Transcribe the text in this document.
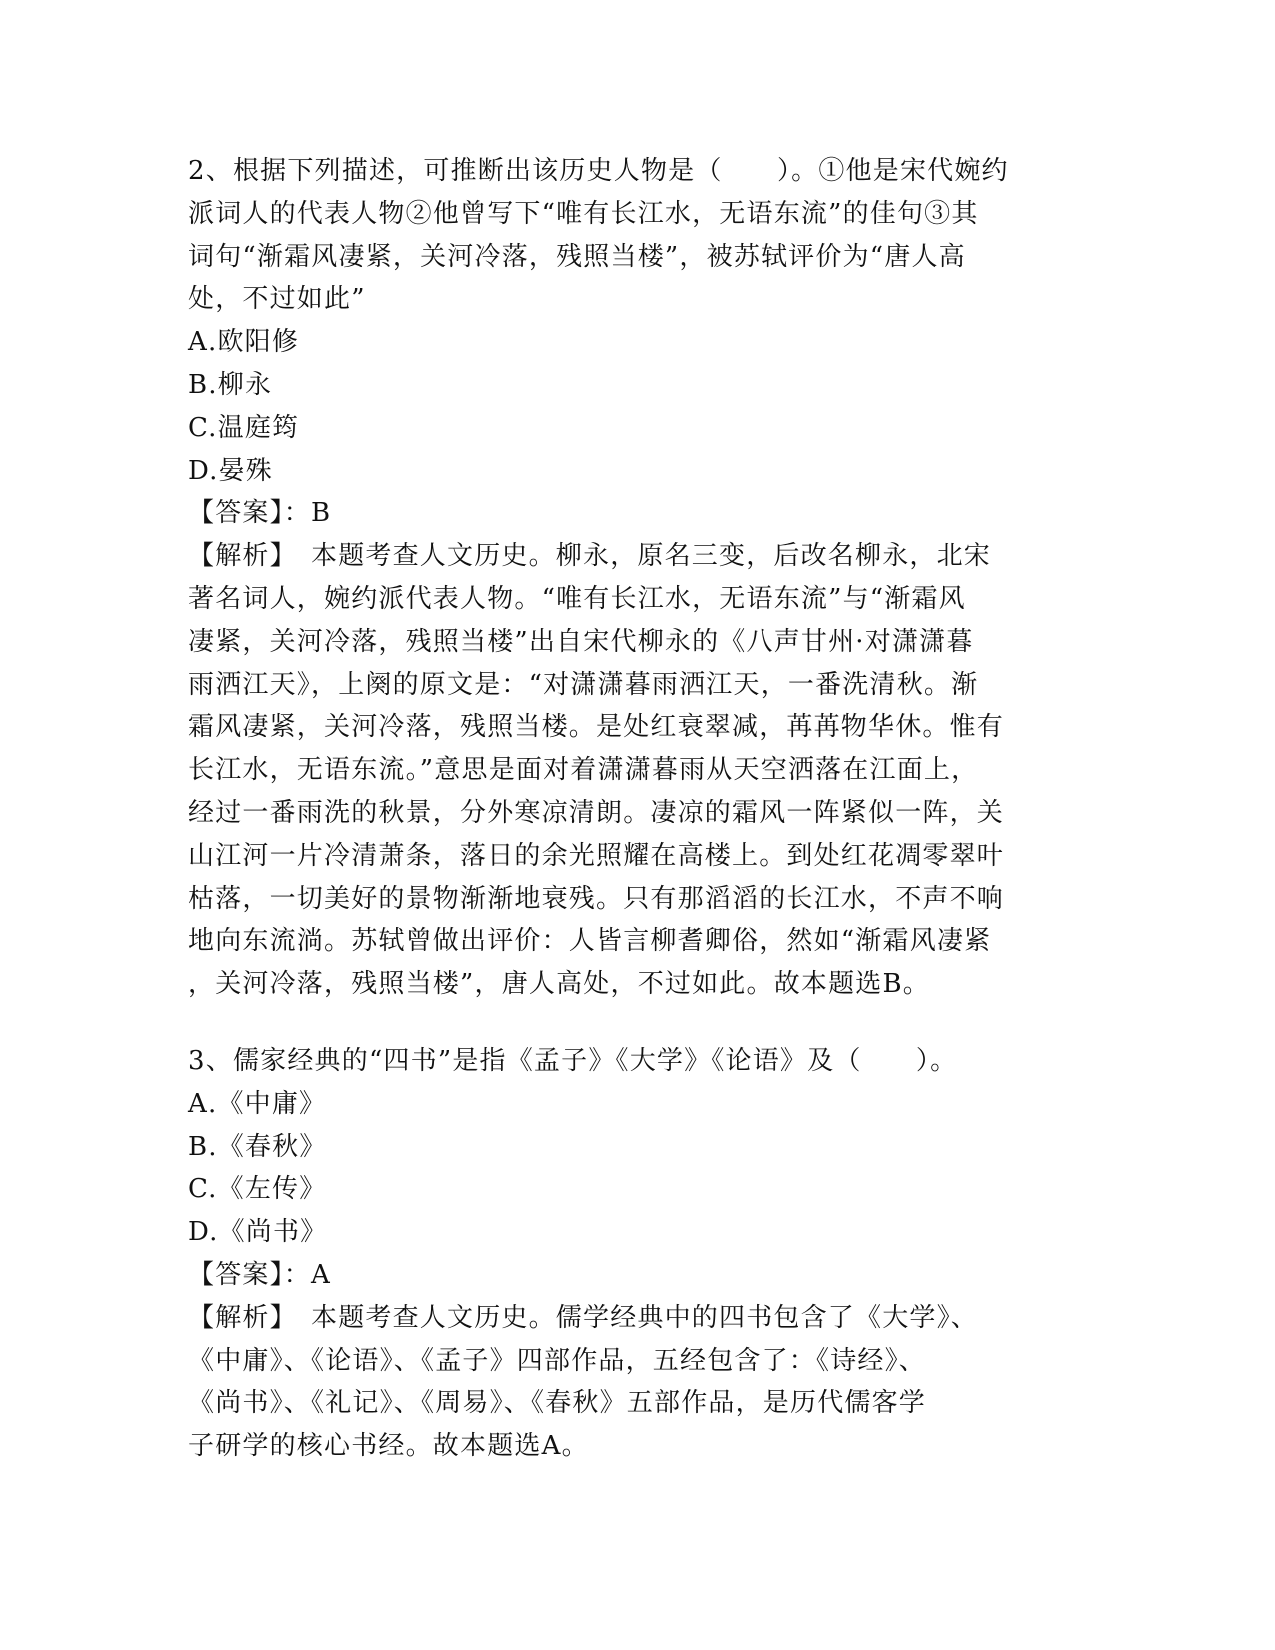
2、根据下列描述，可推断出该历史人物是（　　）。①他是宋代婉约
派词人的代表人物②他曾写下“唯有长江水，无语东流”的佳句③其
词句“渐霜风凄紧，关河冷落，残照当楼”，被苏轼评价为“唐人高
处，不过如此”
A.欧阳修
B.柳永
C.温庭筠
D.晏殊
【答案】：B
【解析】　本题考查人文历史。柳永，原名三变，后改名柳永，北宋
著名词人，婉约派代表人物。“唯有长江水，无语东流”与“渐霜风
凄紧，关河冷落，残照当楼”出自宋代柳永的《八声甘州·对潇潇暮
雨洒江天》，上阕的原文是：“对潇潇暮雨洒江天，一番洗清秋。渐
霜风凄紧，关河冷落，残照当楼。是处红衰翠减，苒苒物华休。惟有
长江水，无语东流。”意思是面对着潇潇暮雨从天空洒落在江面上，
经过一番雨洗的秋景，分外寒凉清朗。凄凉的霜风一阵紧似一阵，关
山江河一片冷清萧条，落日的余光照耀在高楼上。到处红花凋零翠叶
枯落，一切美好的景物渐渐地衰残。只有那滔滔的长江水，不声不响
地向东流淌。苏轼曾做出评价：人皆言柳耆卿俗，然如“渐霜风凄紧
，关河冷落，残照当楼”，唐人高处，不过如此。故本题选B。
3、儒家经典的“四书”是指《孟子》《大学》《论语》及（　　）。
A.《中庸》
B.《春秋》
C.《左传》
D.《尚书》
【答案】：A
【解析】　本题考查人文历史。儒学经典中的四书包含了《大学》、
《中庸》、《论语》、《孟子》四部作品，五经包含了：《诗经》、
《尚书》、《礼记》、《周易》、《春秋》五部作品，是历代儒客学
子研学的核心书经。故本题选A。
